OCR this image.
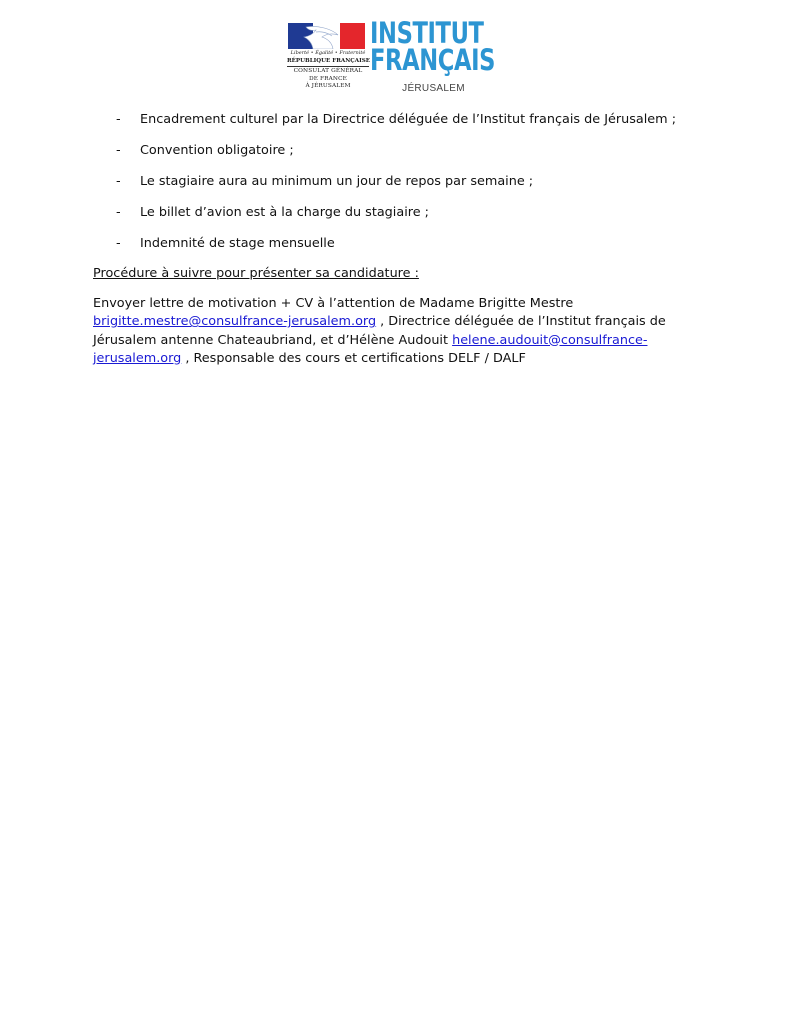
Liberté • Égalité • Fraternité
RÉPUBLIQUE FRANÇAISE
CONSULAT GÉNÉRAL
DE FRANCE
À JÉRUSALEM
INSTITUT
FRANÇAIS
JÉRUSALEM
- Encadrement culturel par la Directrice déléguée de l’Institut français de Jérusalem ;
- Convention obligatoire ;
- Le stagiaire aura au minimum un jour de repos par semaine ;
- Le billet d’avion est à la charge du stagiaire ;
- Indemnité de stage mensuelle
Procédure à suivre pour présenter sa candidature :
Envoyer lettre de motivation + CV à l’attention de Madame Brigitte Mestre
brigitte.mestre@consulfrance-jerusalem.org , Directrice déléguée de l’Institut français de
Jérusalem antenne Chateaubriand, et d’Hélène Audouit helene.audouit@consulfrance-
jerusalem.org , Responsable des cours et certifications DELF / DALF
